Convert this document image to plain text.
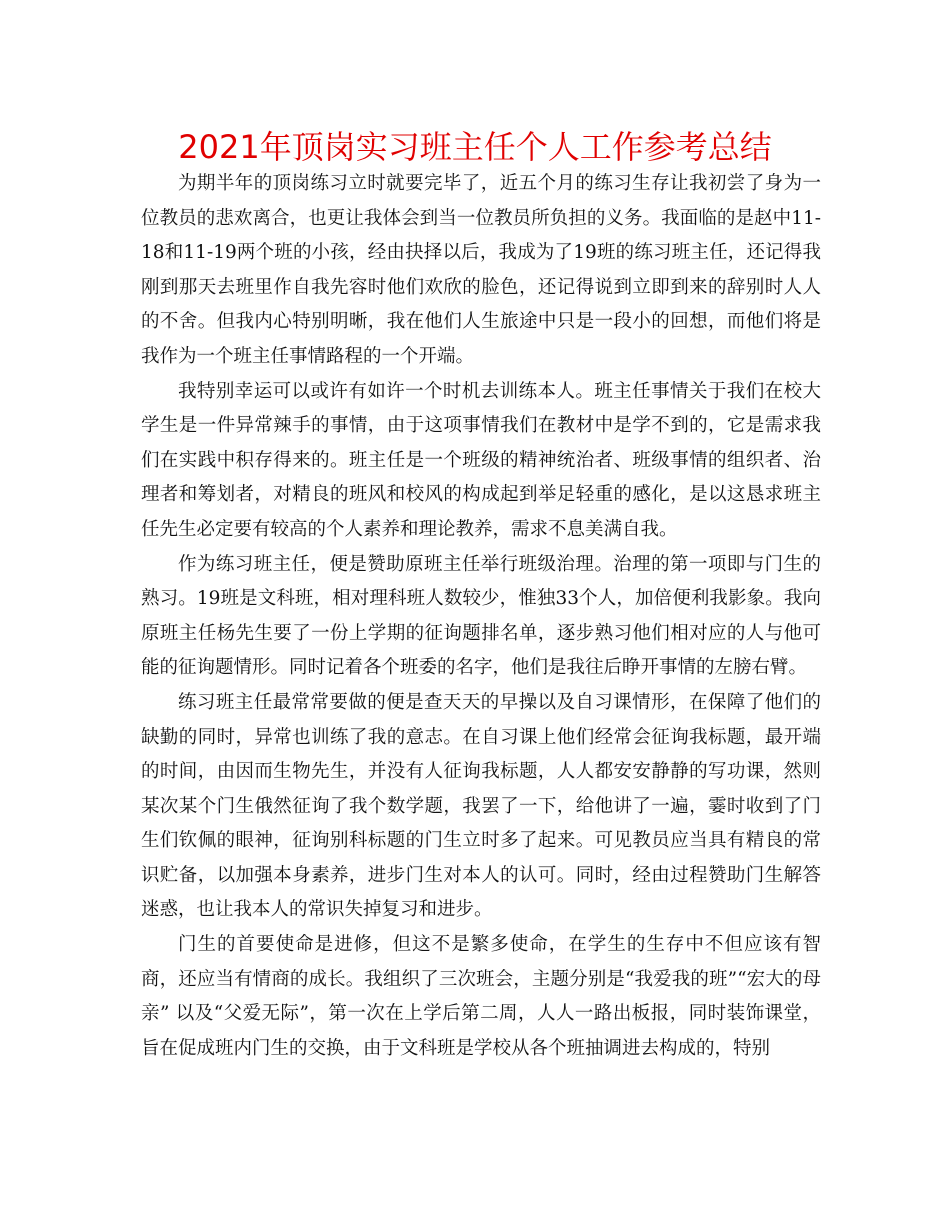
2021年顶岗实习班主任个人工作参考总结

为期半年的顶岗练习立时就要完毕了，近五个月的练习生存让我初尝了身为一位教员的悲欢离合，也更让我体会到当一位教员所负担的义务。我面临的是赵中11-18和11-19两个班的小孩，经由抉择以后，我成为了19班的练习班主任，还记得我刚到那天去班里作自我先容时他们欢欣的脸色，还记得说到立即到来的辞别时人人的不舍。但我内心特别明晰，我在他们人生旅途中只是一段小的回想，而他们将是我作为一个班主任事情路程的一个开端。

我特别幸运可以或许有如许一个时机去训练本人。班主任事情关于我们在校大学生是一件异常辣手的事情，由于这项事情我们在教材中是学不到的，它是需求我们在实践中积存得来的。班主任是一个班级的精神统治者、班级事情的组织者、治理者和筹划者，对精良的班风和校风的构成起到举足轻重的感化，是以这恳求班主任先生必定要有较高的个人素养和理论教养，需求不息美满自我。

作为练习班主任，便是赞助原班主任举行班级治理。治理的第一项即与门生的熟习。19班是文科班，相对理科班人数较少，惟独33个人，加倍便利我影象。我向原班主任杨先生要了一份上学期的征询题排名单，逐步熟习他们相对应的人与他可能的征询题情形。同时记着各个班委的名字，他们是我往后睁开事情的左膀右臂。

练习班主任最常常要做的便是查天天的早操以及自习课情形，在保障了他们的缺勤的同时，异常也训练了我的意志。在自习课上他们经常会征询我标题，最开端的时间，由因而生物先生，并没有人征询我标题，人人都安安静静的写功课，然则某次某个门生俄然征询了我个数学题，我罢了一下，给他讲了一遍，霎时收到了门生们钦佩的眼神，征询别科标题的门生立时多了起来。可见教员应当具有精良的常识贮备，以加强本身素养，进步门生对本人的认可。同时，经由过程赞助门生解答迷惑，也让我本人的常识失掉复习和进步。

门生的首要使命是进修，但这不是繁多使命，在学生的生存中不但应该有智商，还应当有情商的成长。我组织了三次班会，主题分别是“我爱我的班”“宏大的母亲” 以及“父爱无际”，第一次在上学后第二周，人人一路出板报，同时装饰课堂，旨在促成班内门生的交换，由于文科班是学校从各个班抽调进去构成的，特别
